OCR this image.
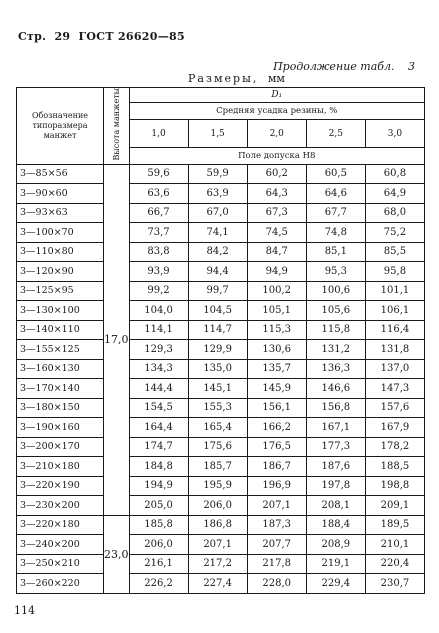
Стр. 29 ГОСТ 26620—85
Продолжение табл. 3
Размеры, мм
Обозначение типоразмера манжет	Высота манжеты	D₁				
		Средняя усадка резины, %				
		1,0	1,5	2,0	2,5	3,0
		Поле допуска H8				
3—85×56	17,0	59,6	59,9	60,2	60,5	60,8
3—90×60		63,6	63,9	64,3	64,6	64,9
3—93×63		66,7	67,0	67,3	67,7	68,0
3—100×70		73,7	74,1	74,5	74,8	75,2
3—110×80		83,8	84,2	84,7	85,1	85,5
3—120×90		93,9	94,4	94,9	95,3	95,8
3—125×95		99,2	99,7	100,2	100,6	101,1
3—130×100		104,0	104,5	105,1	105,6	106,1
3—140×110		114,1	114,7	115,3	115,8	116,4
3—155×125		129,3	129,9	130,6	131,2	131,8
3—160×130		134,3	135,0	135,7	136,3	137,0
3—170×140		144,4	145,1	145,9	146,6	147,3
3—180×150		154,5	155,3	156,1	156,8	157,6
3—190×160		164,4	165,4	166,2	167,1	167,9
3—200×170		174,7	175,6	176,5	177,3	178,2
3—210×180		184,8	185,7	186,7	187,6	188,5
3—220×190		194,9	195,9	196,9	197,8	198,8
3—230×200		205,0	206,0	207,1	208,1	209,1
3—220×180	23,0	185,8	186,8	187,3	188,4	189,5
3—240×200		206,0	207,1	207,7	208,9	210,1
3—250×210		216,1	217,2	217,8	219,1	220,4
3—260×220		226,2	227,4	228,0	229,4	230,7
114
